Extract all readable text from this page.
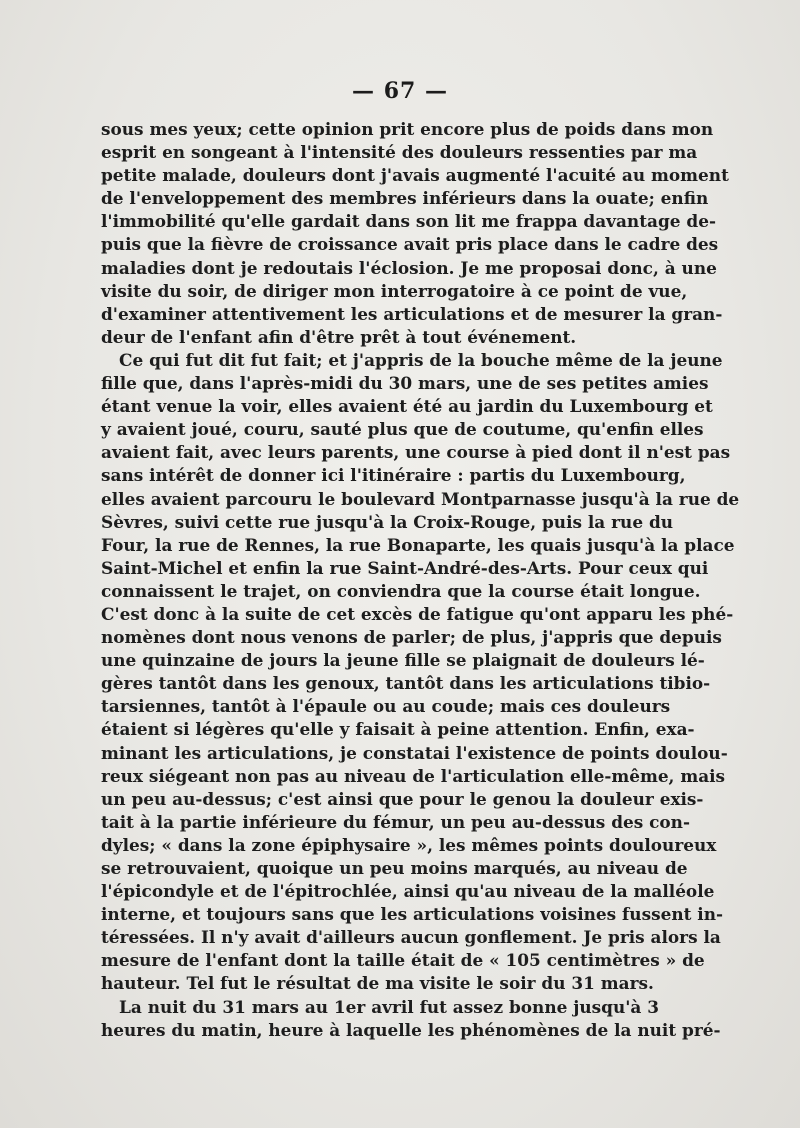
— 67 —
sous mes yeux; cette opinion prit encore plus de poids dans mon
esprit en songeant à l'intensité des douleurs ressenties par ma
petite malade, douleurs dont j'avais augmenté l'acuité au moment
de l'enveloppement des membres inférieurs dans la ouate; enfin
l'immobilité qu'elle gardait dans son lit me frappa davantage de-
puis que la fièvre de croissance avait pris place dans le cadre des
maladies dont je redoutais l'éclosion. Je me proposai donc, à une
visite du soir, de diriger mon interrogatoire à ce point de vue,
d'examiner attentivement les articulations et de mesurer la gran-
deur de l'enfant afin d'être prêt à tout événement.
Ce qui fut dit fut fait; et j'appris de la bouche même de la jeune
fille que, dans l'après-midi du 30 mars, une de ses petites amies
étant venue la voir, elles avaient été au jardin du Luxembourg et
y avaient joué, couru, sauté plus que de coutume, qu'enfin elles
avaient fait, avec leurs parents, une course à pied dont il n'est pas
sans intérêt de donner ici l'itinéraire : partis du Luxembourg,
elles avaient parcouru le boulevard Montparnasse jusqu'à la rue de
Sèvres, suivi cette rue jusqu'à la Croix-Rouge, puis la rue du
Four, la rue de Rennes, la rue Bonaparte, les quais jusqu'à la place
Saint-Michel et enfin la rue Saint-André-des-Arts. Pour ceux qui
connaissent le trajet, on conviendra que la course était longue.
C'est donc à la suite de cet excès de fatigue qu'ont apparu les phé-
nomènes dont nous venons de parler; de plus, j'appris que depuis
une quinzaine de jours la jeune fille se plaignait de douleurs lé-
gères tantôt dans les genoux, tantôt dans les articulations tibio-
tarsiennes, tantôt à l'épaule ou au coude; mais ces douleurs
étaient si légères qu'elle y faisait à peine attention. Enfin, exa-
minant les articulations, je constatai l'existence de points doulou-
reux siégeant non pas au niveau de l'articulation elle-même, mais
un peu au-dessus; c'est ainsi que pour le genou la douleur exis-
tait à la partie inférieure du fémur, un peu au-dessus des con-
dyles; « dans la zone épiphysaire », les mêmes points douloureux
se retrouvaient, quoique un peu moins marqués, au niveau de
l'épicondyle et de l'épitrochlée, ainsi qu'au niveau de la malléole
interne, et toujours sans que les articulations voisines fussent in-
téressées. Il n'y avait d'ailleurs aucun gonflement. Je pris alors la
mesure de l'enfant dont la taille était de « 105 centimètres » de
hauteur. Tel fut le résultat de ma visite le soir du 31 mars.
La nuit du 31 mars au 1er avril fut assez bonne jusqu'à 3
heures du matin, heure à laquelle les phénomènes de la nuit pré-
